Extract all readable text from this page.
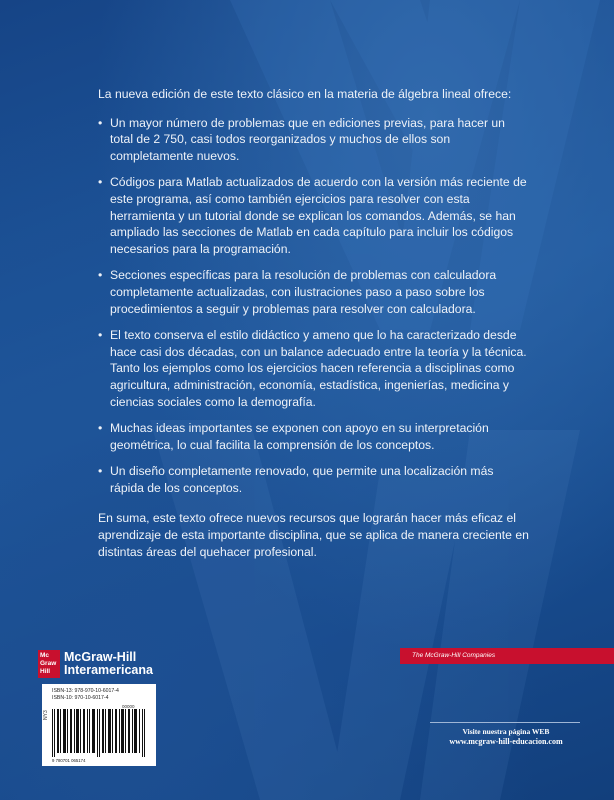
La nueva edición de este texto clásico en la materia de álgebra lineal ofrece:

• Un mayor número de problemas que en ediciones previas, para hacer un total de 2 750, casi todos reorganizados y muchos de ellos son completamente nuevos.
• Códigos para Matlab actualizados de acuerdo con la versión más reciente de este programa, así como también ejercicios para resolver con esta herramienta y un tutorial donde se explican los comandos. Además, se han ampliado las secciones de Matlab en cada capítulo para incluir los códigos necesarios para la programación.
• Secciones específicas para la resolución de problemas con calculadora completamente actualizadas, con ilustraciones paso a paso sobre los procedimientos a seguir y problemas para resolver con calculadora.
• El texto conserva el estilo didáctico y ameno que lo ha caracterizado desde hace casi dos décadas, con un balance adecuado entre la teoría y la técnica. Tanto los ejemplos como los ejercicios hacen referencia a disciplinas como agricultura, administración, economía, estadística, ingenierías, medicina y ciencias sociales como la demografía.
• Muchas ideas importantes se exponen con apoyo en su interpretación geométrica, lo cual facilita la comprensión de los conceptos.
• Un diseño completamente renovado, que permite una localización más rápida de los conceptos.

En suma, este texto ofrece nuevos recursos que lograrán hacer más eficaz el aprendizaje de esta importante disciplina, que se aplica de manera creciente en distintas áreas del quehacer profesional.

Mc
Graw
Hill
McGraw-Hill
Interamericana
The McGraw-Hill Companies
ISBN-13: 978-970-10-6017-4
ISBN-10: 970-10-6017-4
00000
NY3
9 780701 065174
Visite nuestra página WEB
www.mcgraw-hill-educacion.com
